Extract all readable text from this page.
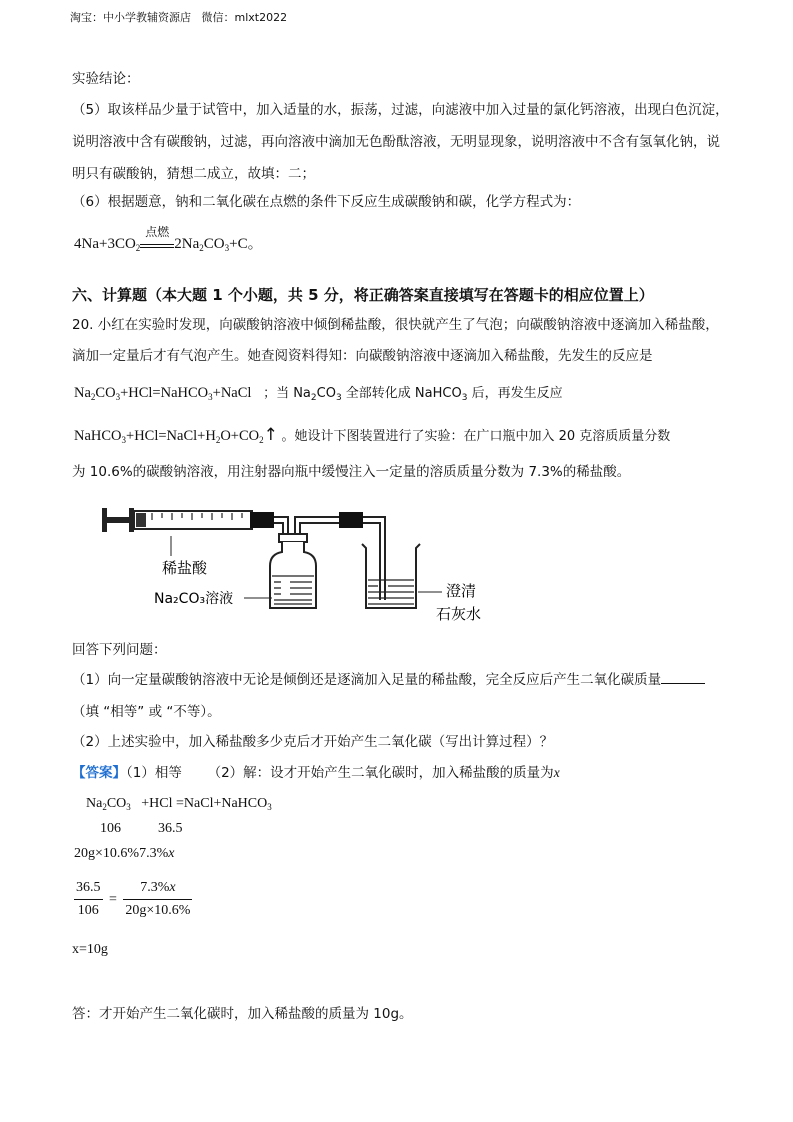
淘宝：中小学教辅资源店 微信：mlxt2022
实验结论：
（5）取该样品少量于试管中，加入适量的水，振荡，过滤，向滤液中加入过量的氯化钙溶液，出现白色沉淀，说明溶液中含有碳酸钠，过滤，再向溶液中滴加无色酚酞溶液，无明显现象，说明溶液中不含有氢氧化钠，说明只有碳酸钠，猜想二成立，故填：二；
（6）根据题意，钠和二氧化碳在点燃的条件下反应生成碳酸钠和碳，化学方程式为：
$4Na+3CO_2$
点燃
$2Na_2CO_3+C$。
六、计算题（本大题 1 个小题，共 5 分，将正确答案直接填写在答题卡的相应位置上）
20. 小红在实验时发现，向碳酸钠溶液中倾倒稀盐酸，很快就产生了气泡；向碳酸钠溶液中逐滴加入稀盐酸，滴加一定量后才有气泡产生。她查阅资料得知：向碳酸钠溶液中逐滴加入稀盐酸，先发生的反应是
$Na_2CO_3+HCl=NaHCO_3+NaCl$ ；当 $Na_2CO_3$ 全部转化成 NaHCO$_3$ 后，再发生反应
$NaHCO_3+HCl=NaCl+H_2O+CO_2↑$ 。她设计下图装置进行了实验：在广口瓶中加入 20 克溶质质量分数
为 10.6%的碳酸钠溶液，用注射器向瓶中缓慢注入一定量的溶质质量分数为 7.3%的稀盐酸。
稀盐酸
Na₂CO₃溶液	澄清
石灰水
回答下列问题：
（1）向一定量碳酸钠溶液中无论是倾倒还是逐滴加入足量的稀盐酸，完全反应后产生二氧化碳质量
（填 “相等” 或 “不等）。
（2）上述实验中，加入稀盐酸多少克后才开始产生二氧化碳（写出计算过程）？
【答案】（1）相等 （2）解：设才开始产生二氧化碳时，加入稀盐酸的质量为x
$Na_2CO_3 +HCl$ =NaCl+NaHCO$_3$
106	36.5
20g×10.6%7.3%x
$\frac{36.5}{106} = \frac{7.3\%x}{20g\times 10.6\%}$
x=10g
答：才开始产生二氧化碳时，加入稀盐酸的质量为 10g。
